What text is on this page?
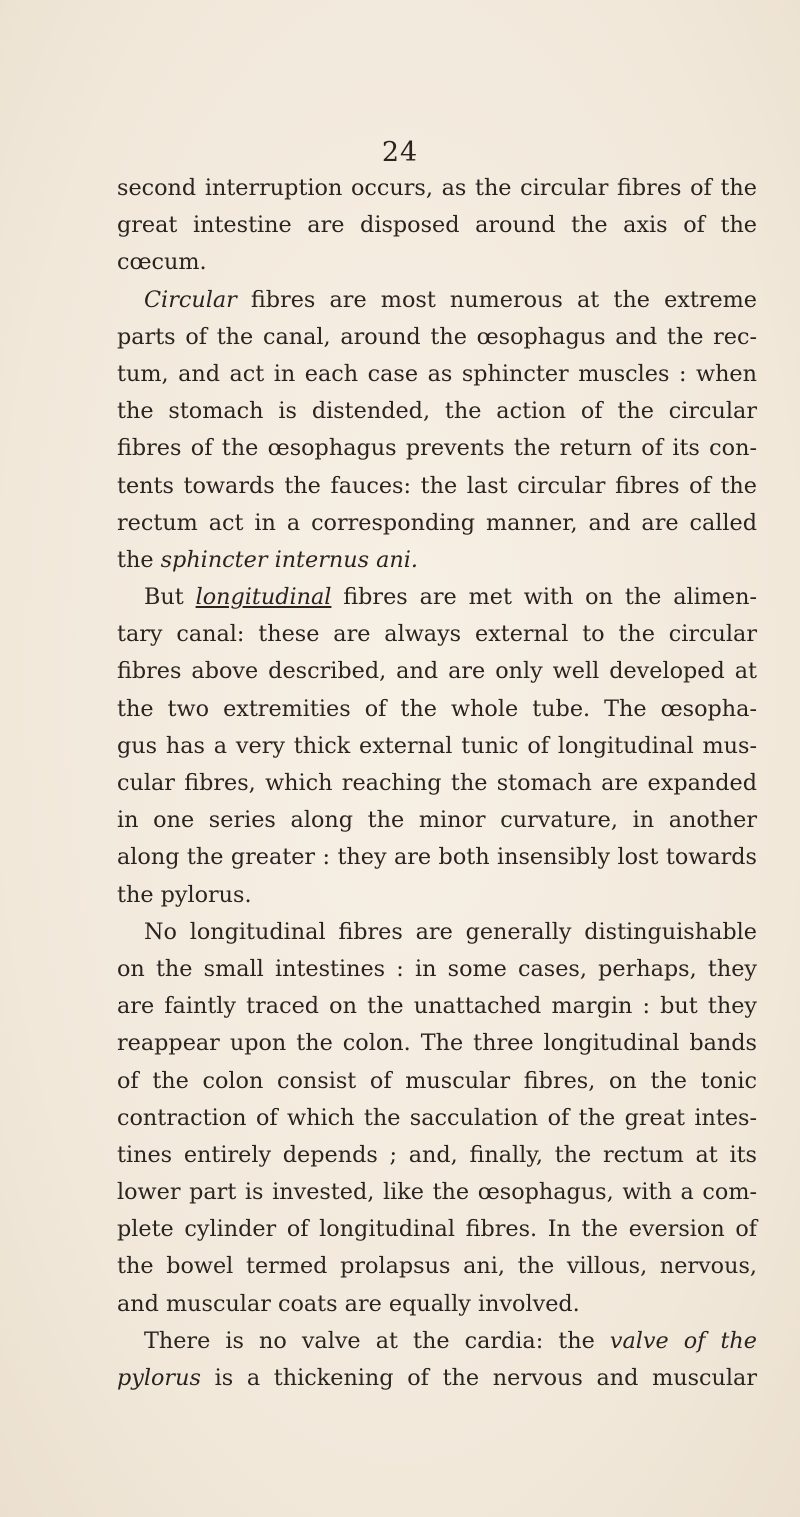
24
second interruption occurs, as the circular fibres of the
great intestine are disposed around the axis of the
cœcum.
Circular fibres are most numerous at the extreme
parts of the canal, around the œsophagus and the rec-
tum, and act in each case as sphincter muscles : when
the stomach is distended, the action of the circular
fibres of the œsophagus prevents the return of its con-
tents towards the fauces: the last circular fibres of the
rectum act in a corresponding manner, and are called
the sphincter internus ani.
But longitudinal fibres are met with on the alimen-
tary canal: these are always external to the circular
fibres above described, and are only well developed at
the two extremities of the whole tube. The œsopha-
gus has a very thick external tunic of longitudinal mus-
cular fibres, which reaching the stomach are expanded
in one series along the minor curvature, in another
along the greater : they are both insensibly lost towards
the pylorus.
No longitudinal fibres are generally distinguishable
on the small intestines : in some cases, perhaps, they
are faintly traced on the unattached margin : but they
reappear upon the colon. The three longitudinal bands
of the colon consist of muscular fibres, on the tonic
contraction of which the sacculation of the great intes-
tines entirely depends ; and, finally, the rectum at its
lower part is invested, like the œsophagus, with a com-
plete cylinder of longitudinal fibres. In the eversion of
the bowel termed prolapsus ani, the villous, nervous,
and muscular coats are equally involved.
There is no valve at the cardia: the valve of the
pylorus is a thickening of the nervous and muscular
